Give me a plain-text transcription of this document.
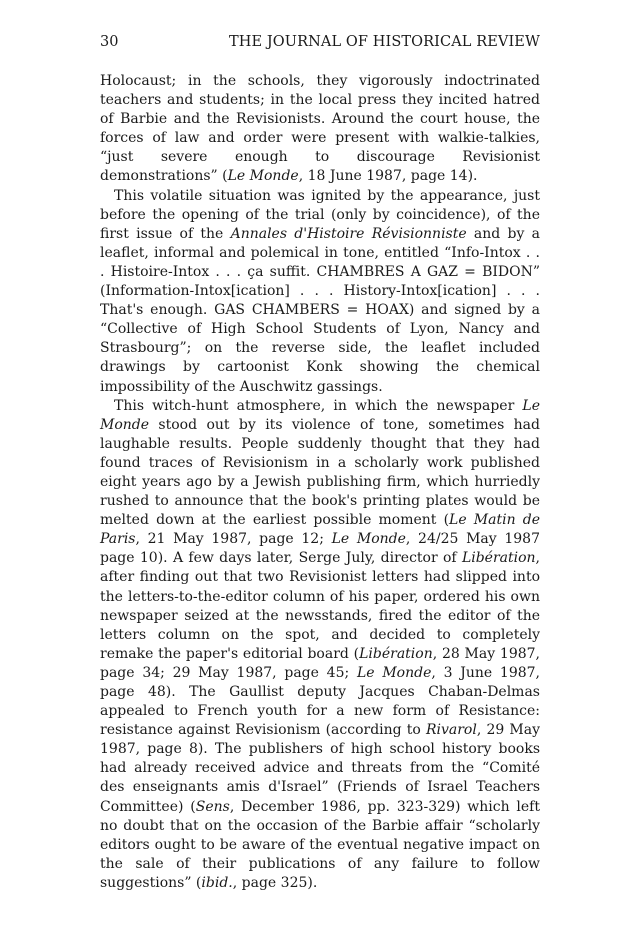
30	THE JOURNAL OF HISTORICAL REVIEW

Holocaust; in the schools, they vigorously indoctrinated teachers and students; in the local press they incited hatred of Barbie and the Revisionists. Around the court house, the forces of law and order were present with walkie-talkies, “just severe enough to discourage Revisionist demonstrations” (Le Monde, 18 June 1987, page 14).

This volatile situation was ignited by the appearance, just before the opening of the trial (only by coincidence), of the first issue of the Annales d'Histoire Révisionniste and by a leaflet, informal and polemical in tone, entitled “Info-Intox . . . Histoire-Intox . . . ça suffit. CHAMBRES A GAZ = BIDON” (Information-Intox[ication] . . . History-Intox[ication] . . . That's enough. GAS CHAMBERS = HOAX) and signed by a “Collective of High School Students of Lyon, Nancy and Strasbourg”; on the reverse side, the leaflet included drawings by cartoonist Konk showing the chemical impossibility of the Auschwitz gassings.

This witch-hunt atmosphere, in which the newspaper Le Monde stood out by its violence of tone, sometimes had laughable results. People suddenly thought that they had found traces of Revisionism in a scholarly work published eight years ago by a Jewish publishing firm, which hurriedly rushed to announce that the book's printing plates would be melted down at the earliest possible moment (Le Matin de Paris, 21 May 1987, page 12; Le Monde, 24/25 May 1987 page 10). A few days later, Serge July, director of Libération, after finding out that two Revisionist letters had slipped into the letters-to-the-editor column of his paper, ordered his own newspaper seized at the newsstands, fired the editor of the letters column on the spot, and decided to completely remake the paper's editorial board (Libération, 28 May 1987, page 34; 29 May 1987, page 45; Le Monde, 3 June 1987, page 48). The Gaullist deputy Jacques Chaban-Delmas appealed to French youth for a new form of Resistance: resistance against Revisionism (according to Rivarol, 29 May 1987, page 8). The publishers of high school history books had already received advice and threats from the “Comité des enseignants amis d'Israel” (Friends of Israel Teachers Committee) (Sens, December 1986, pp. 323-329) which left no doubt that on the occasion of the Barbie affair “scholarly editors ought to be aware of the eventual negative impact on the sale of their publications of any failure to follow suggestions” (ibid., page 325).
